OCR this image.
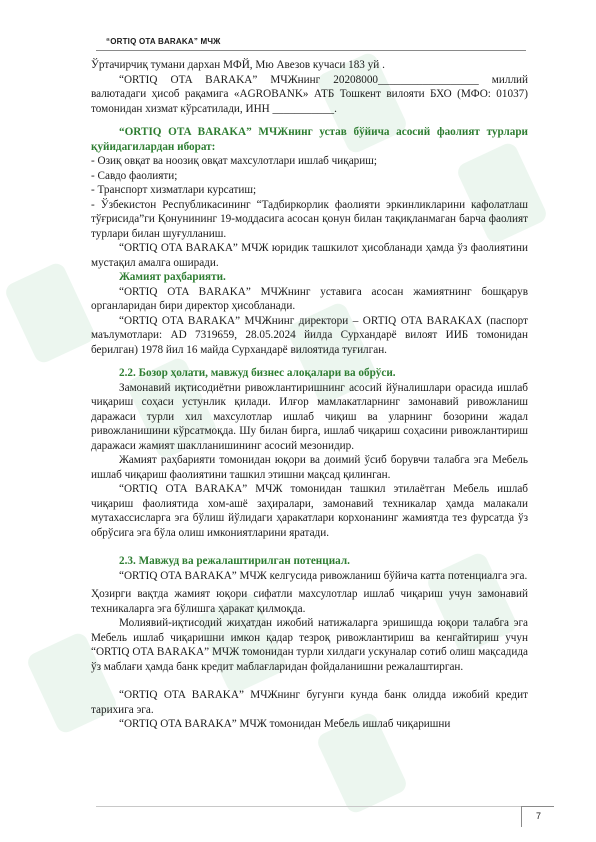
“ORTIQ OTA BARAKA” МЧЖ

Ўртачирчиқ тумани дархан МФЙ, Мю Авезов кучаси 183 уй .

“ORTIQ OTA BARAKA” МЧЖнинг 20208000__________________ миллий валютадаги ҳисоб рақамига «AGROBANK» АТБ Тошкент вилояти БХО (МФО: 01037) томонидан хизмат кўрсатилади, ИНН ___________.

“ORTIQ OTA BARAKA” МЧЖнинг устав бўйича асосий фаолият турлари қуйидагилардан иборат:

- Озиқ овқат ва ноозиқ овқат махсулотлари ишлаб чиқариш;

- Савдо фаолияти;

- Транспорт хизматлари курсатиш;

- Ўзбекистон Республикасининг “Тадбиркорлик фаолияти эркинликларини кафолатлаш тўғрисида”ги Қонунининг 19-моддасига асосан қонун билан тақиқланмаган барча фаолият турлари билан шуғулланиш.

“ORTIQ OTA BARAKA” МЧЖ юридик ташкилот ҳисобланади ҳамда ўз фаолиятини мустақил амалга оширади.

Жамият раҳбарияти.

“ORTIQ OTA BARAKA” МЧЖнинг уставига асосан жамиятнинг бошқарув органларидан бири директор ҳисобланади.

“ORTIQ OTA BARAKA” МЧЖнинг директори – ORTIQ OTA BARAKAX (паспорт маълумотлари: AD 7319659, 28.05.2024 йилда Сурхандарё вилоят ИИБ томонидан берилган) 1978 йил 16 майда Сурхандарё вилоятида туғилган.

2.2. Бозор ҳолати, мавжуд бизнес алоқалари ва обрўси.

Замонавий иқтисодиётни ривожлантиришнинг асосий йўналишлари орасида ишлаб чиқариш соҳаси устунлик қилади. Илғор мамлакатларнинг замонавий ривожланиш даражаси турли хил махсулотлар ишлаб чиқиш ва уларнинг бозорини жадал ривожланишини кўрсатмоқда. Шу билан бирга, ишлаб чиқариш соҳасини ривожлантириш даражаси жамият шаклланишининг асосий мезонидир.

Жамият раҳбарияти томонидан юқори ва доимий ўсиб борувчи талабга эга Мебель ишлаб чиқариш фаолиятини ташкил этишни мақсад қилинган.

“ORTIQ OTA BARAKA” МЧЖ томонидан ташкил этилаётган Мебель ишлаб чиқариш фаолиятида хом-ашё заҳиралари, замонавий техникалар ҳамда малакали мутахассисларга эга бўлиш йўлидаги ҳаракатлари корхонанинг жамиятда тез фурсатда ўз обрўсига эга бўла олиш имкониятларини яратади.

2.3. Мавжуд ва режалаштирилган потенциал.

“ORTIQ OTA BARAKA” МЧЖ келгусида ривожланиш бўйича катта потенциалга эга.

Ҳозирги вақтда жамият юқори сифатли махсулотлар ишлаб чиқариш учун замонавий техникаларга эга бўлишга ҳаракат қилмоқда.

Молиявий-иқтисодий жиҳатдан ижобий натижаларга эришишда юқори талабга эга Мебель ишлаб чиқаришни имкон қадар тезроқ ривожлантириш ва кенгайтириш учун “ORTIQ OTA BARAKA” МЧЖ томонидан турли хилдаги ускуналар сотиб олиш мақсадида ўз маблағи ҳамда банк кредит маблағларидан фойдаланишни режалаштирган.

“ORTIQ OTA BARAKA” МЧЖнинг бугунги кунда банк олидда ижобий кредит тарихига эга.

“ORTIQ OTA BARAKA” МЧЖ томонидан Мебель ишлаб чиқаришни

7
